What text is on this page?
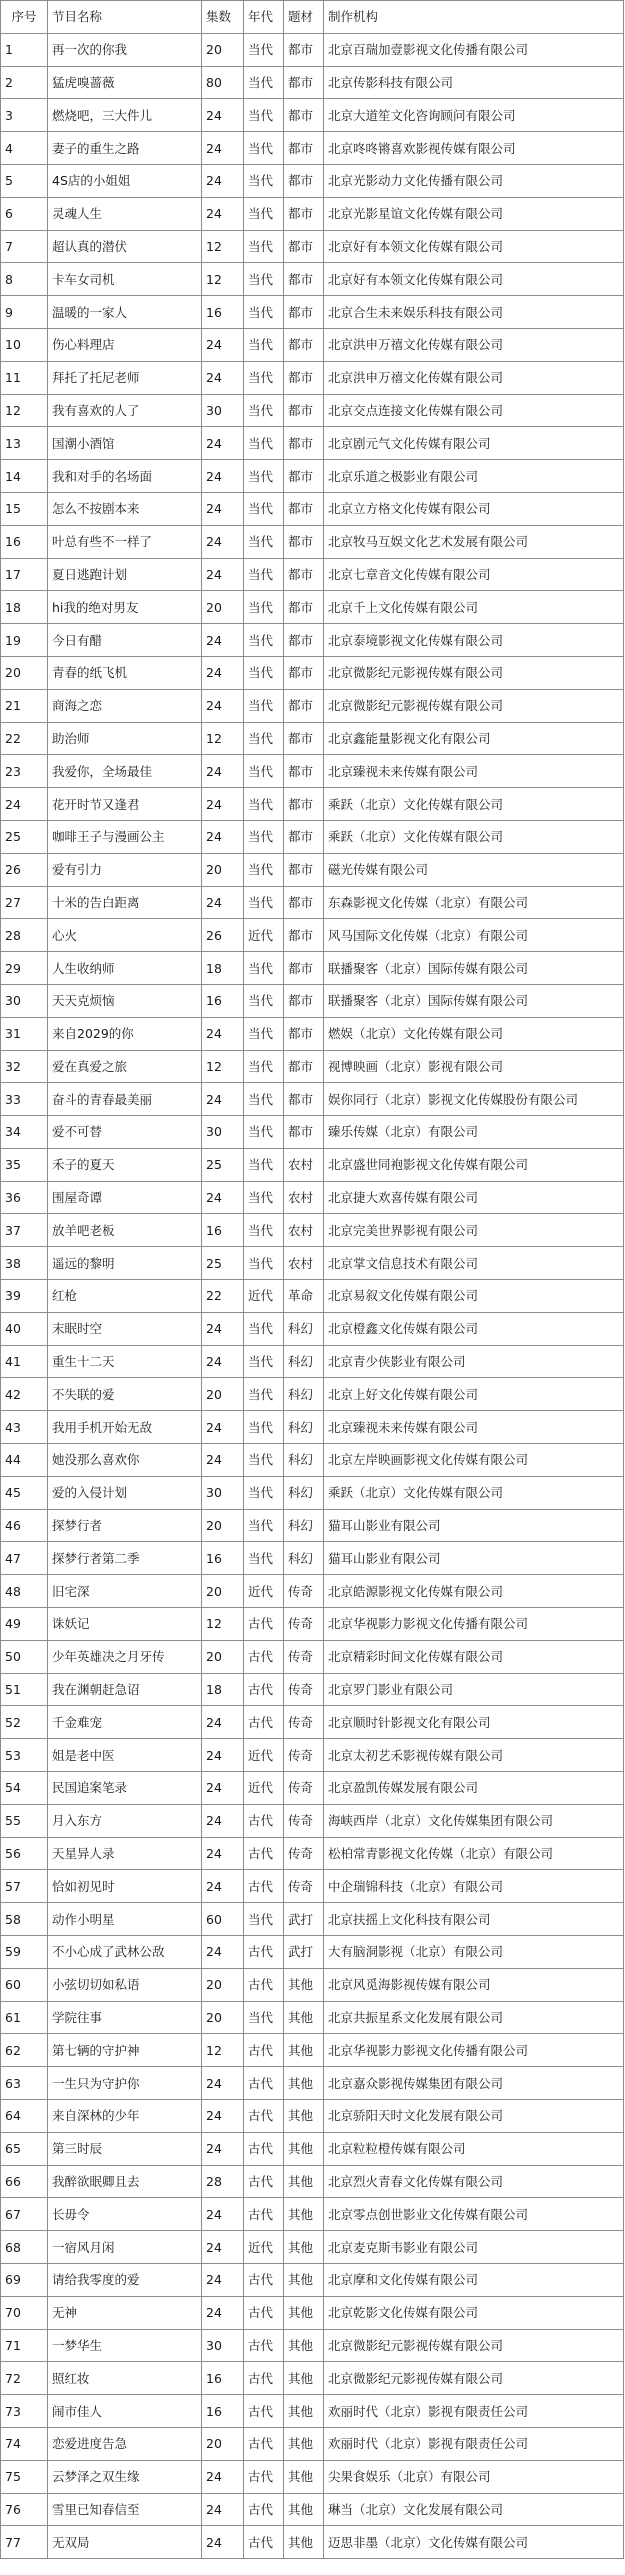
序号	节目名称	集数	年代	题材	制作机构
1	再一次的你我	20	当代	都市	北京百瑞加壹影视文化传播有限公司
2	猛虎嗅蔷薇	80	当代	都市	北京传影科技有限公司
3	燃烧吧，三大件儿	24	当代	都市	北京大道笙文化咨询顾问有限公司
4	妻子的重生之路	24	当代	都市	北京咚咚锵喜欢影视传媒有限公司
5	4S店的小姐姐	24	当代	都市	北京光影动力文化传播有限公司
6	灵魂人生	24	当代	都市	北京光影星谊文化传媒有限公司
7	超认真的潜伏	12	当代	都市	北京好有本领文化传媒有限公司
8	卡车女司机	12	当代	都市	北京好有本领文化传媒有限公司
9	温暖的一家人	16	当代	都市	北京合生未来娱乐科技有限公司
10	伤心料理店	24	当代	都市	北京洪申万禧文化传媒有限公司
11	拜托了托尼老师	24	当代	都市	北京洪申万禧文化传媒有限公司
12	我有喜欢的人了	30	当代	都市	北京交点连接文化传媒有限公司
13	国潮小酒馆	24	当代	都市	北京剧元气文化传媒有限公司
14	我和对手的名场面	24	当代	都市	北京乐道之极影业有限公司
15	怎么不按剧本来	24	当代	都市	北京立方格文化传媒有限公司
16	叶总有些不一样了	24	当代	都市	北京牧马互娱文化艺术发展有限公司
17	夏日逃跑计划	24	当代	都市	北京七章音文化传媒有限公司
18	hi我的绝对男友	20	当代	都市	北京千上文化传媒有限公司
19	今日有醋	24	当代	都市	北京泰境影视文化传媒有限公司
20	青春的纸飞机	24	当代	都市	北京微影纪元影视传媒有限公司
21	商海之恋	24	当代	都市	北京微影纪元影视传媒有限公司
22	助治师	12	当代	都市	北京鑫能量影视文化有限公司
23	我爱你，全场最佳	24	当代	都市	北京臻视未来传媒有限公司
24	花开时节又逢君	24	当代	都市	乘跃（北京）文化传媒有限公司
25	咖啡王子与漫画公主	24	当代	都市	乘跃（北京）文化传媒有限公司
26	爱有引力	20	当代	都市	磁光传媒有限公司
27	十米的告白距离	24	当代	都市	东森影视文化传媒（北京）有限公司
28	心火	26	近代	都市	风马国际文化传媒（北京）有限公司
29	人生收纳师	18	当代	都市	联播聚客（北京）国际传媒有限公司
30	天天克烦恼	16	当代	都市	联播聚客（北京）国际传媒有限公司
31	来自2029的你	24	当代	都市	燃娱（北京）文化传媒有限公司
32	爱在真爱之旅	12	当代	都市	视博映画（北京）影视有限公司
33	奋斗的青春最美丽	24	当代	都市	娱你同行（北京）影视文化传媒股份有限公司
34	爱不可替	30	当代	都市	臻乐传媒（北京）有限公司
35	禾子的夏天	25	当代	农村	北京盛世同袍影视文化传媒有限公司
36	围屋奇谭	24	当代	农村	北京捷大欢喜传媒有限公司
37	放羊吧老板	16	当代	农村	北京完美世界影视有限公司
38	遥远的黎明	25	当代	农村	北京掌文信息技术有限公司
39	红枪	22	近代	革命	北京易叙文化传媒有限公司
40	末眠时空	24	当代	科幻	北京橙鑫文化传媒有限公司
41	重生十二天	24	当代	科幻	北京青少侠影业有限公司
42	不失联的爱	20	当代	科幻	北京上好文化传媒有限公司
43	我用手机开始无敌	24	当代	科幻	北京臻视未来传媒有限公司
44	她没那么喜欢你	24	当代	科幻	北京左岸映画影视文化传媒有限公司
45	爱的入侵计划	30	当代	科幻	乘跃（北京）文化传媒有限公司
46	探梦行者	20	当代	科幻	猫耳山影业有限公司
47	探梦行者第二季	16	当代	科幻	猫耳山影业有限公司
48	旧宅深	20	近代	传奇	北京皓源影视文化传媒有限公司
49	诛妖记	12	古代	传奇	北京华视影力影视文化传播有限公司
50	少年英雄决之月牙传	20	古代	传奇	北京精彩时间文化传媒有限公司
51	我在渊朝赶急诏	18	古代	传奇	北京罗门影业有限公司
52	千金难宠	24	古代	传奇	北京顺时针影视文化有限公司
53	姐是老中医	24	近代	传奇	北京太初艺禾影视传媒有限公司
54	民国追案笔录	24	近代	传奇	北京盈凯传媒发展有限公司
55	月入东方	24	古代	传奇	海峡西岸（北京）文化传媒集团有限公司
56	天星异人录	24	古代	传奇	松柏常青影视文化传媒（北京）有限公司
57	恰如初见时	24	古代	传奇	中企瑞锦科技（北京）有限公司
58	动作小明星	60	当代	武打	北京扶摇上文化科技有限公司
59	不小心成了武林公敌	24	古代	武打	大有脑洞影视（北京）有限公司
60	小弦切切如私语	20	古代	其他	北京风觅海影视传媒有限公司
61	学院往事	20	当代	其他	北京共振星系文化发展有限公司
62	第七辆的守护神	12	古代	其他	北京华视影力影视文化传播有限公司
63	一生只为守护你	24	古代	其他	北京嘉众影视传媒集团有限公司
64	来自深林的少年	24	古代	其他	北京骄阳天时文化发展有限公司
65	第三时辰	24	古代	其他	北京粒粒橙传媒有限公司
66	我醉欲眠卿且去	28	古代	其他	北京烈火青春文化传媒有限公司
67	长毋令	24	古代	其他	北京零点创世影业文化传媒有限公司
68	一宿风月闲	24	近代	其他	北京麦克斯韦影业有限公司
69	请给我零度的爱	24	古代	其他	北京摩和文化传媒有限公司
70	无神	24	古代	其他	北京乾影文化传媒有限公司
71	一梦华生	30	古代	其他	北京微影纪元影视传媒有限公司
72	照红妆	16	古代	其他	北京微影纪元影视传媒有限公司
73	闹市佳人	16	古代	其他	欢丽时代（北京）影视有限责任公司
74	恋爱进度告急	20	古代	其他	欢丽时代（北京）影视有限责任公司
75	云梦泽之双生缘	24	古代	其他	尖果食娱乐（北京）有限公司
76	雪里已知春信至	24	古代	其他	琳当（北京）文化发展有限公司
77	无双局	24	古代	其他	迈思非墨（北京）文化传媒有限公司
